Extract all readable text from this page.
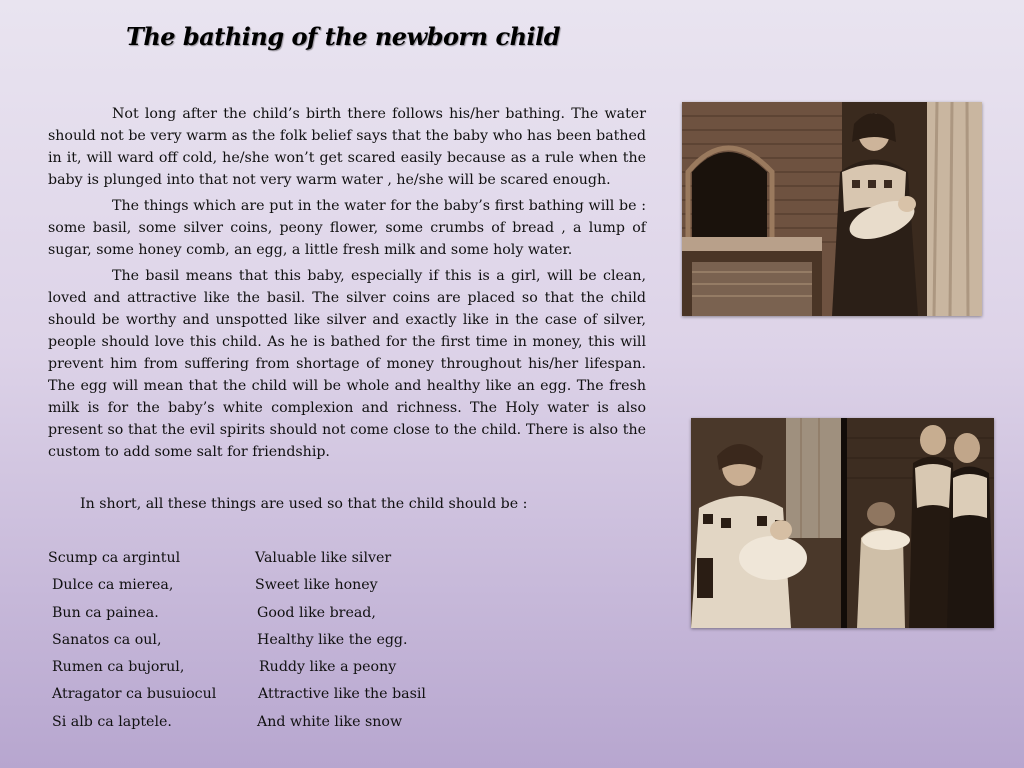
The bathing of the newborn child

Not long after the child’s birth there follows his/her bathing. The water should not be very warm as the folk belief says that the baby who has been bathed in it, will ward off cold, he/she won’t get scared easily because as a rule when the baby is plunged into that not very warm water , he/she will be scared enough.

The things which are put in the water for the baby’s first bathing will be : some basil, some silver coins, peony flower, some crumbs of bread , a lump of sugar, some honey comb, an egg, a little fresh milk and some holy water.

The basil means that this baby, especially if this is a girl, will be clean, loved and attractive like the basil. The silver coins are placed so that the child should be worthy and unspotted like silver and exactly like in the case of silver, people should love this child. As he is bathed for the first time in money, this will prevent him from suffering from shortage of money throughout his/her lifespan. The egg will mean that the child will be whole and healthy like an egg. The fresh milk is for the baby’s white complexion and richness. The Holy water is also present so that the evil spirits should not come close to the child. There is also the custom to add some salt for friendship.

In short, all these things are used so that the child should be :
Scump ca argintul	Valuable like silver
Dulce ca mierea,	Sweet like honey
Bun ca painea.	Good like bread,
Sanatos ca oul,	Healthy like the egg.
Rumen ca bujorul,	Ruddy like a peony
Atragator ca busuiocul	Attractive like the basil
Si alb ca laptele.	And white like snow
